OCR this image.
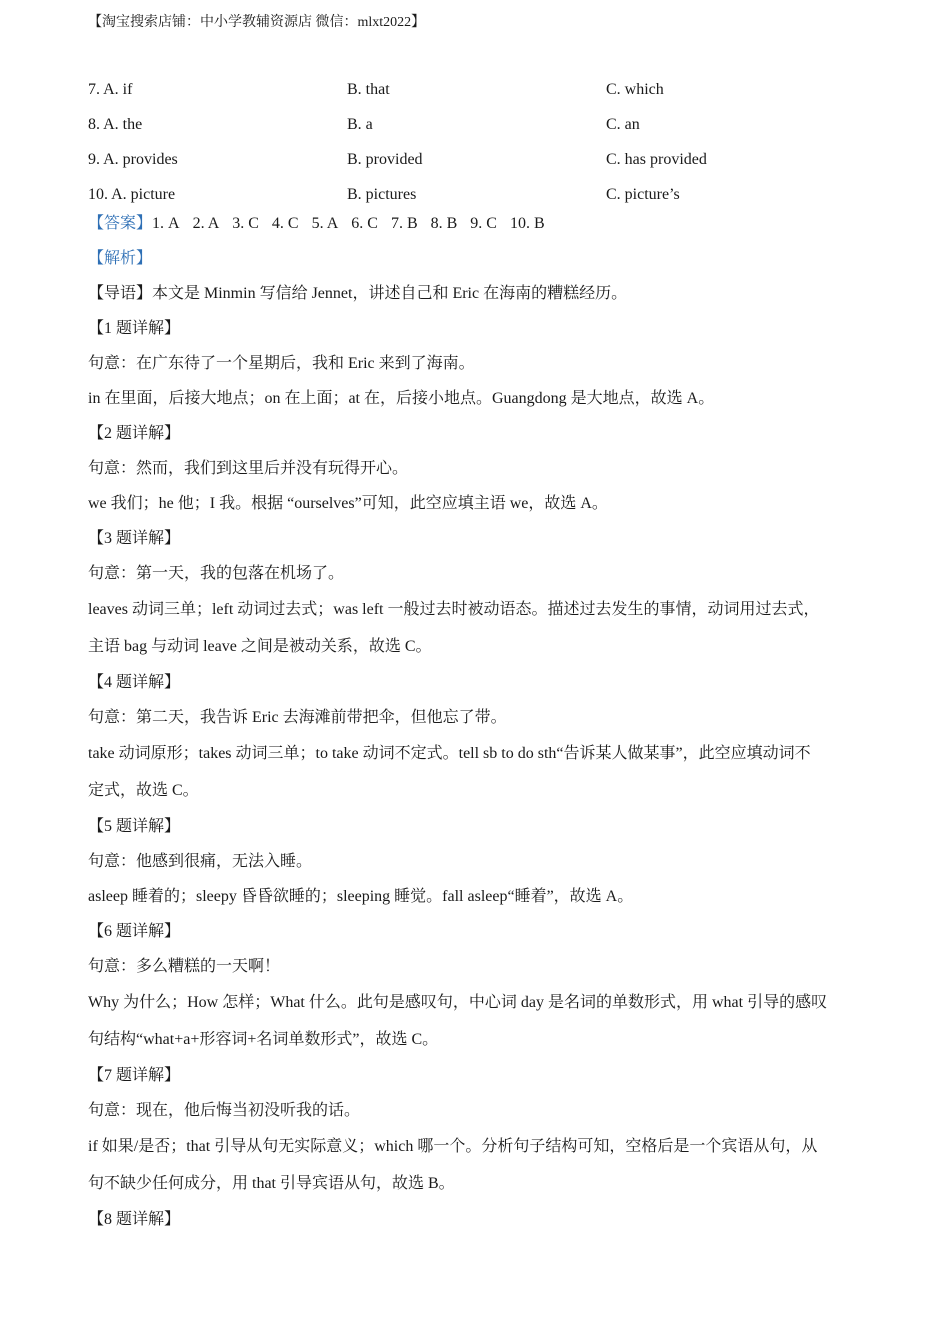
【淘宝搜索店铺：中小学教辅资源店 微信：mlxt2022】
7. A. if	B. that	C. which
8. A. the	B. a	C. an
9. A. provides	B. provided	C. has provided
10. A. picture	B. pictures	C. picture’s
【答案】1. A 2. A 3. C 4. C 5. A 6. C 7. B 8. B 9. C 10. B
【解析】
【导语】本文是 Minmin 写信给 Jennet，讲述自己和 Eric 在海南的糟糕经历。
【1 题详解】
句意：在广东待了一个星期后，我和 Eric 来到了海南。
in 在里面，后接大地点；on 在上面；at 在，后接小地点。Guangdong 是大地点，故选 A。
【2 题详解】
句意：然而，我们到这里后并没有玩得开心。
we 我们；he 他；I 我。根据 “ourselves”可知，此空应填主语 we，故选 A。
【3 题详解】
句意：第一天，我的包落在机场了。
leaves 动词三单；left 动词过去式；was left 一般过去时被动语态。描述过去发生的事情，动词用过去式，
主语 bag 与动词 leave 之间是被动关系，故选 C。
【4 题详解】
句意：第二天，我告诉 Eric 去海滩前带把伞，但他忘了带。
take 动词原形；takes 动词三单；to take 动词不定式。tell sb to do sth“告诉某人做某事”，此空应填动词不
定式，故选 C。
【5 题详解】
句意：他感到很痛，无法入睡。
asleep 睡着的；sleepy 昏昏欲睡的；sleeping 睡觉。fall asleep“睡着”，故选 A。
【6 题详解】
句意：多么糟糕的一天啊！
Why 为什么；How 怎样；What 什么。此句是感叹句，中心词 day 是名词的单数形式，用 what 引导的感叹
句结构“what+a+形容词+名词单数形式”，故选 C。
【7 题详解】
句意：现在，他后悔当初没听我的话。
if 如果/是否；that 引导从句无实际意义；which 哪一个。分析句子结构可知，空格后是一个宾语从句，从
句不缺少任何成分，用 that 引导宾语从句，故选 B。
【8 题详解】
